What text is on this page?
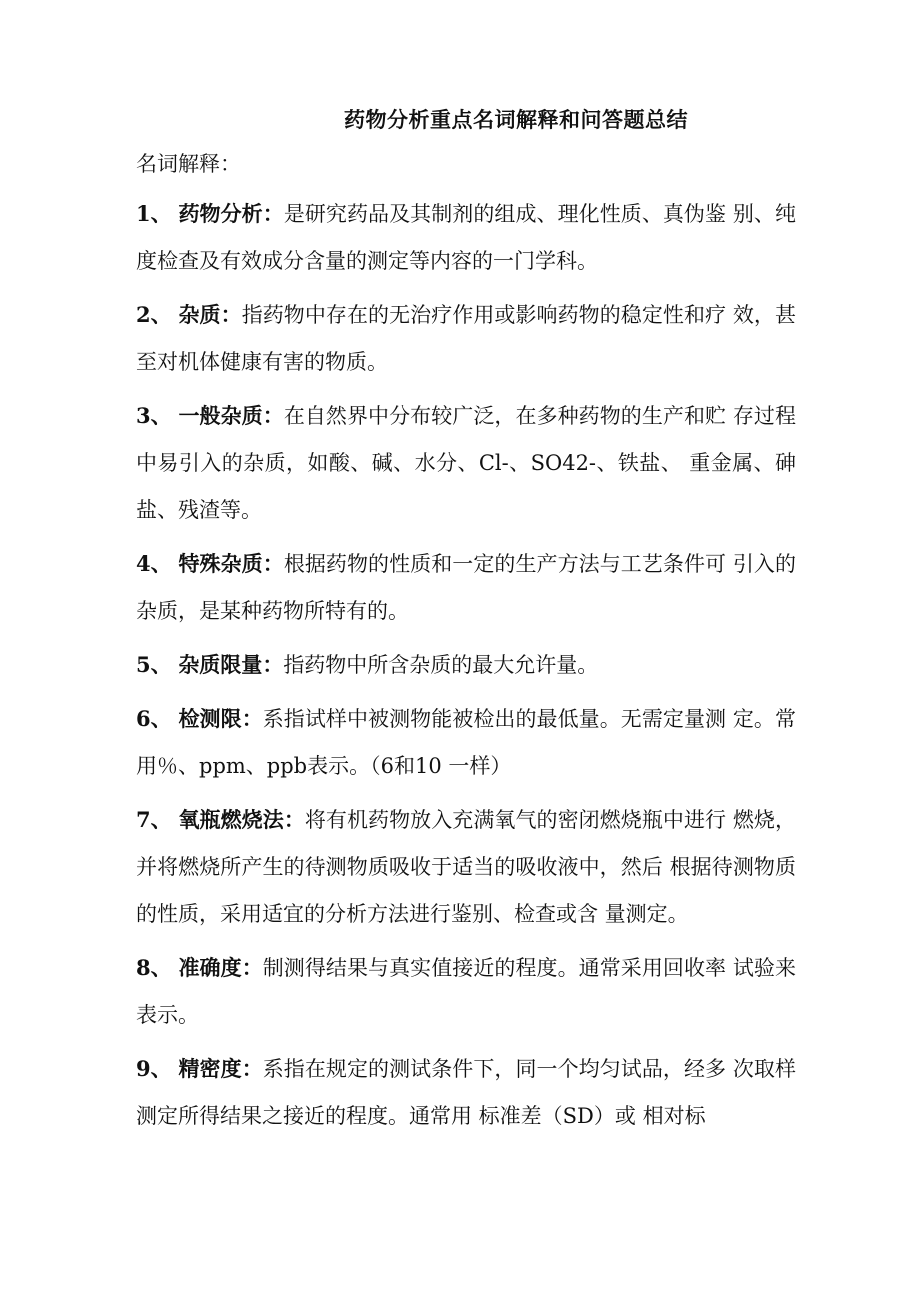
药物分析重点名词解释和问答题总结
名词解释：

1、 药物分析：是研究药品及其制剂的组成、理化性质、真伪鉴 别、纯度检查及有效成分含量的测定等内容的一门学科。

2、 杂质：指药物中存在的无治疗作用或影响药物的稳定性和疗 效，甚至对机体健康有害的物质。

3、 一般杂质：在自然界中分布较广泛，在多种药物的生产和贮 存过程中易引入的杂质，如酸、碱、水分、Cl-、SO42-、铁盐、 重金属、砷盐、残渣等。

4、 特殊杂质：根据药物的性质和一定的生产方法与工艺条件可 引入的杂质，是某种药物所特有的。

5、 杂质限量：指药物中所含杂质的最大允许量。

6、 检测限：系指试样中被测物能被检出的最低量。无需定量测 定。常用％、ppm、ppb表示。（6和10 一样）

7、 氧瓶燃烧法：将有机药物放入充满氧气的密闭燃烧瓶中进行 燃烧，并将燃烧所产生的待测物质吸收于适当的吸收液中，然后 根据待测物质的性质，采用适宜的分析方法进行鉴别、检查或含 量测定。

8、 准确度：制测得结果与真实值接近的程度。通常采用回收率 试验来表示。

9、 精密度：系指在规定的测试条件下，同一个均匀试品，经多 次取样测定所得结果之接近的程度。通常用 标准差（SD）或 相对标
